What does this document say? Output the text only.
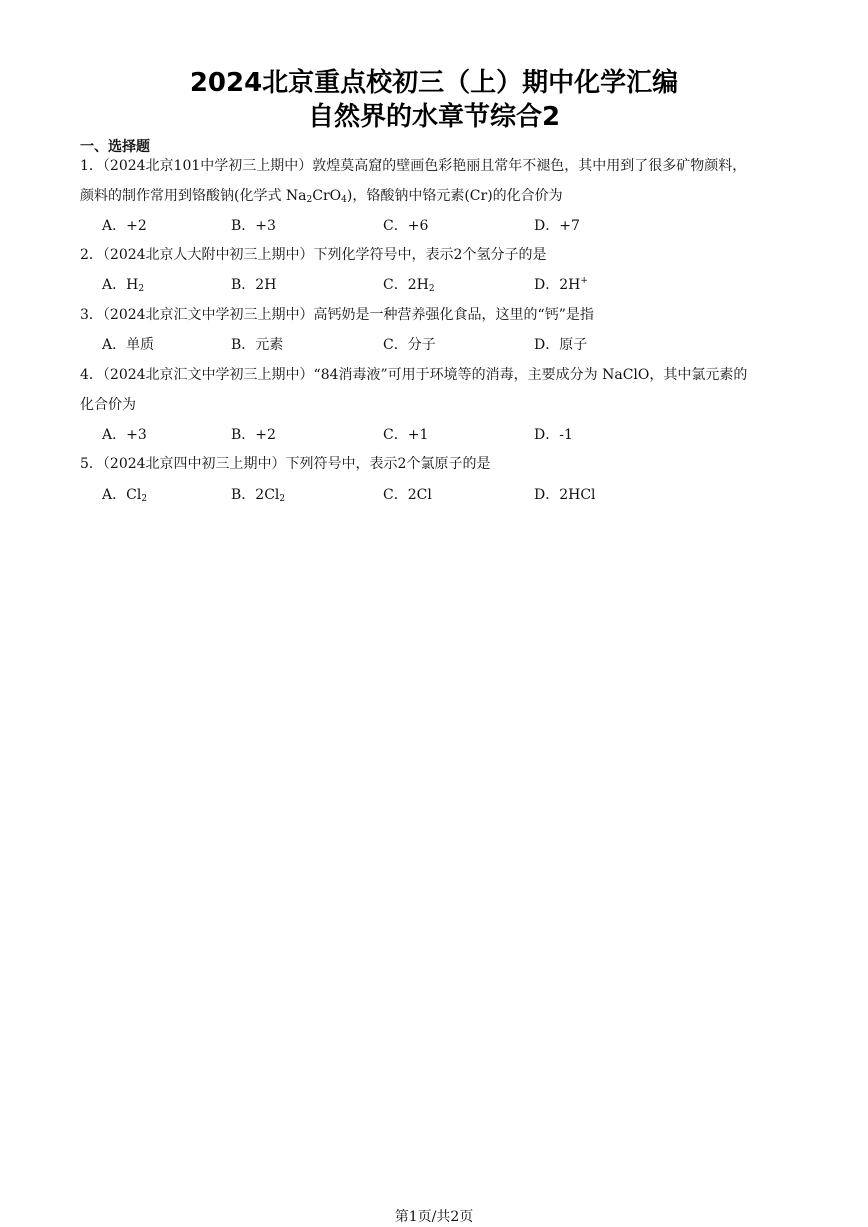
2024北京重点校初三（上）期中化学汇编
自然界的水章节综合2
一、选择题
1．（2024北京101中学初三上期中）敦煌莫高窟的壁画色彩艳丽且常年不褪色，其中用到了很多矿物颜料，
颜料的制作常用到铬酸钠(化学式 $Na_2CrO_4$)，铬酸钠中铬元素(Cr)的化合价为
A．+2	B．+3	C．+6	D．+7
2．（2024北京人大附中初三上期中）下列化学符号中，表示2个氢分子的是
A．$H_2$	B．2H	C．$2H_2$	D．2H+
3．（2024北京汇文中学初三上期中）高钙奶是一种营养强化食品，这里的“钙”是指
A．单质	B．元素	C．分子	D．原子
4．（2024北京汇文中学初三上期中）“84消毒液”可用于环境等的消毒，主要成分为 NaClO，其中氯元素的
化合价为
A．+3	B．+2	C．+1	D．-1
5．（2024北京四中初三上期中）下列符号中，表示2个氯原子的是
A．$Cl_2$	B．$2Cl_2$	C．2Cl	D．2HCl
第1页/共2页
